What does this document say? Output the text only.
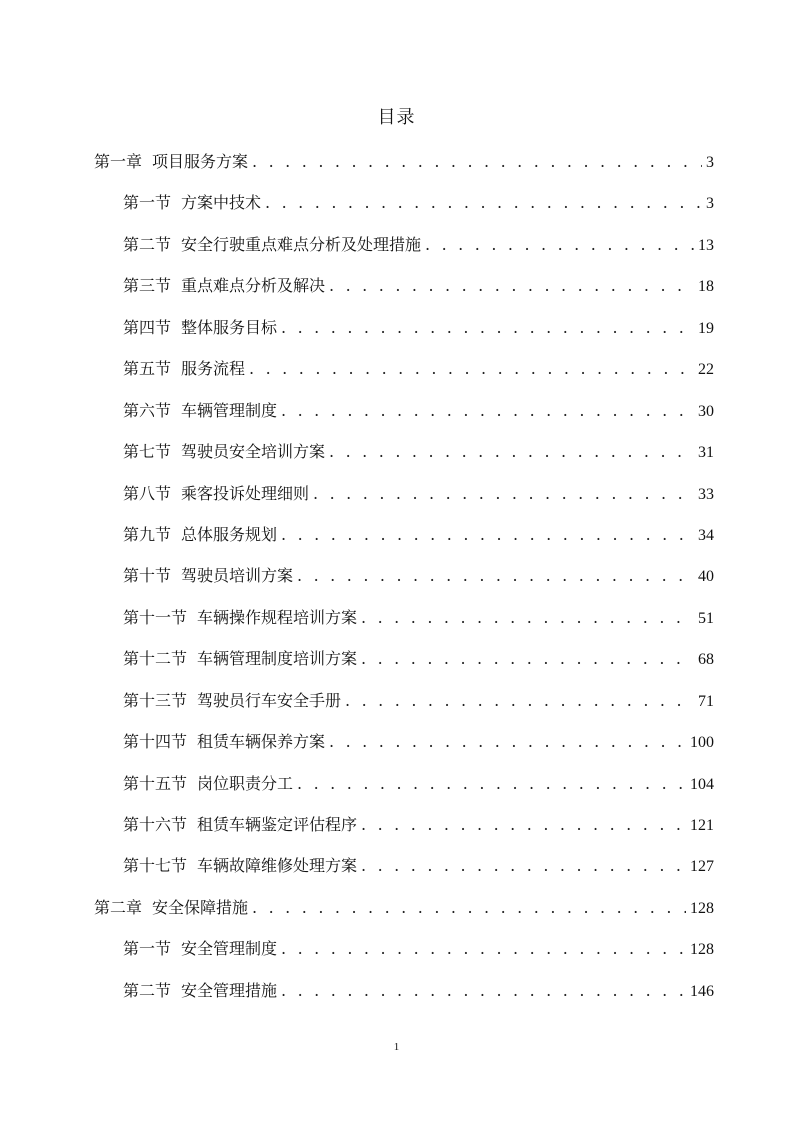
目录
第一章 项目服务方案 . . .	3
第一节 方案中技术 . . .	3
第二节 安全行驶重点难点分析及处理措施 . . .	13
第三节 重点难点分析及解决 . . .	18
第四节 整体服务目标 . . .	19
第五节 服务流程 . . .	22
第六节 车辆管理制度 . . .	30
第七节 驾驶员安全培训方案 . . .	31
第八节 乘客投诉处理细则 . . .	33
第九节 总体服务规划 . . .	34
第十节 驾驶员培训方案 . . .	40
第十一节 车辆操作规程培训方案 . . .	51
第十二节 车辆管理制度培训方案 . . .	68
第十三节 驾驶员行车安全手册 . . .	71
第十四节 租赁车辆保养方案 . . .	100
第十五节 岗位职责分工 . . .	104
第十六节 租赁车辆鉴定评估程序 . . .	121
第十七节 车辆故障维修处理方案 . . .	127
第二章 安全保障措施 . . .	128
第一节 安全管理制度 . . .	128
第二节 安全管理措施 . . .	146
1
